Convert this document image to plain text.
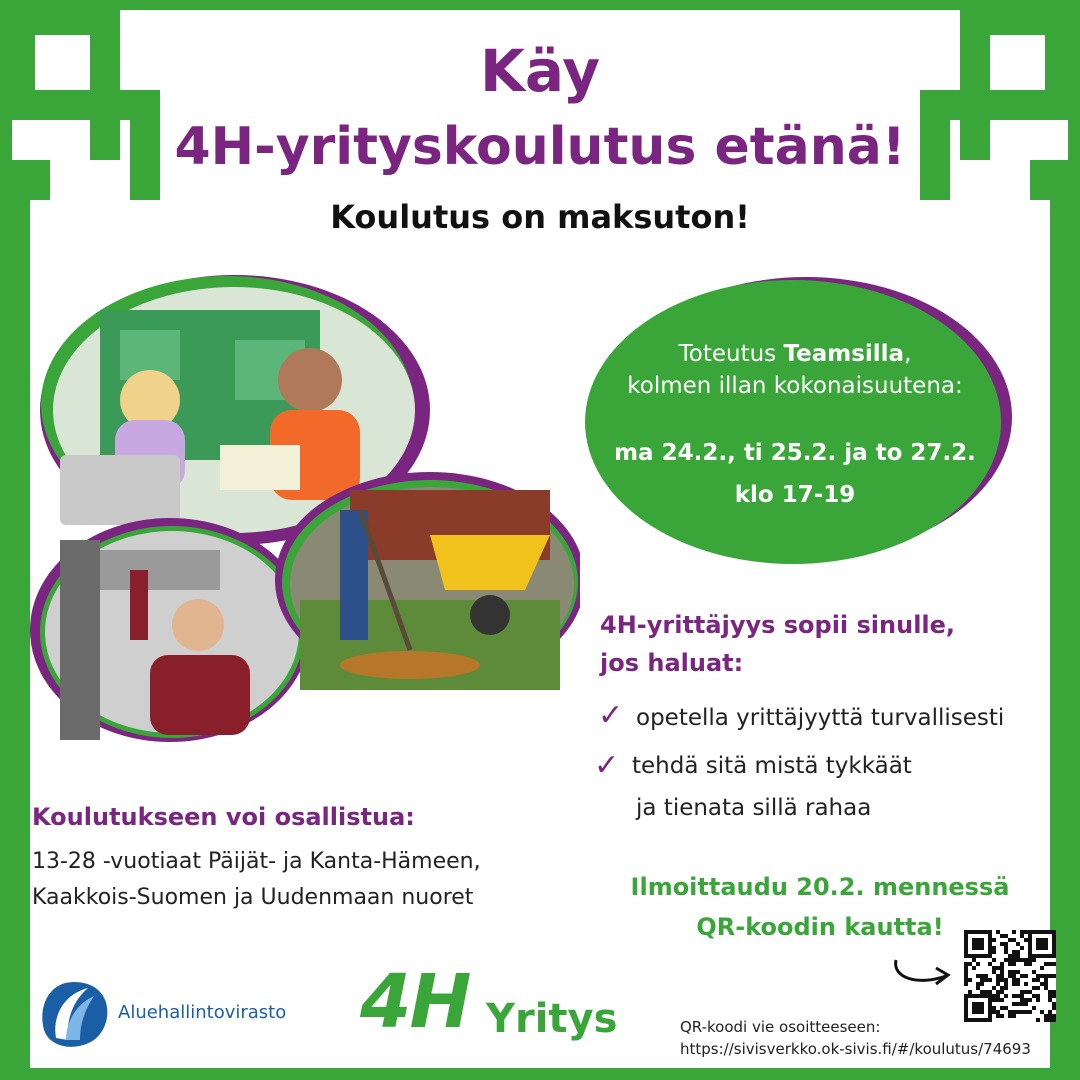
Käy
4H-yrityskoulutus etänä!
Koulutus on maksuton!
Toteutus Teamsilla,
kolmen illan kokonaisuutena:
ma 24.2., ti 25.2. ja to 27.2.
klo 17-19
4H-yrittäjyys sopii sinulle,
jos haluat:
✓ opetella yrittäjyyttä turvallisesti
✓ tehdä sitä mistä tykkäät
ja tienata sillä rahaa
Koulutukseen voi osallistua:
13-28 -vuotiaat Päijät- ja Kanta-Hämeen,
Kaakkois-Suomen ja Uudenmaan nuoret	Ilmoittaudu 20.2. mennessä
QR-koodin kautta!
QR-koodi vie osoitteeseen:
https://sivisverkko.ok-sivis.fi/#/koulutus/74693
Aluehallintovirasto 4H Yritys
